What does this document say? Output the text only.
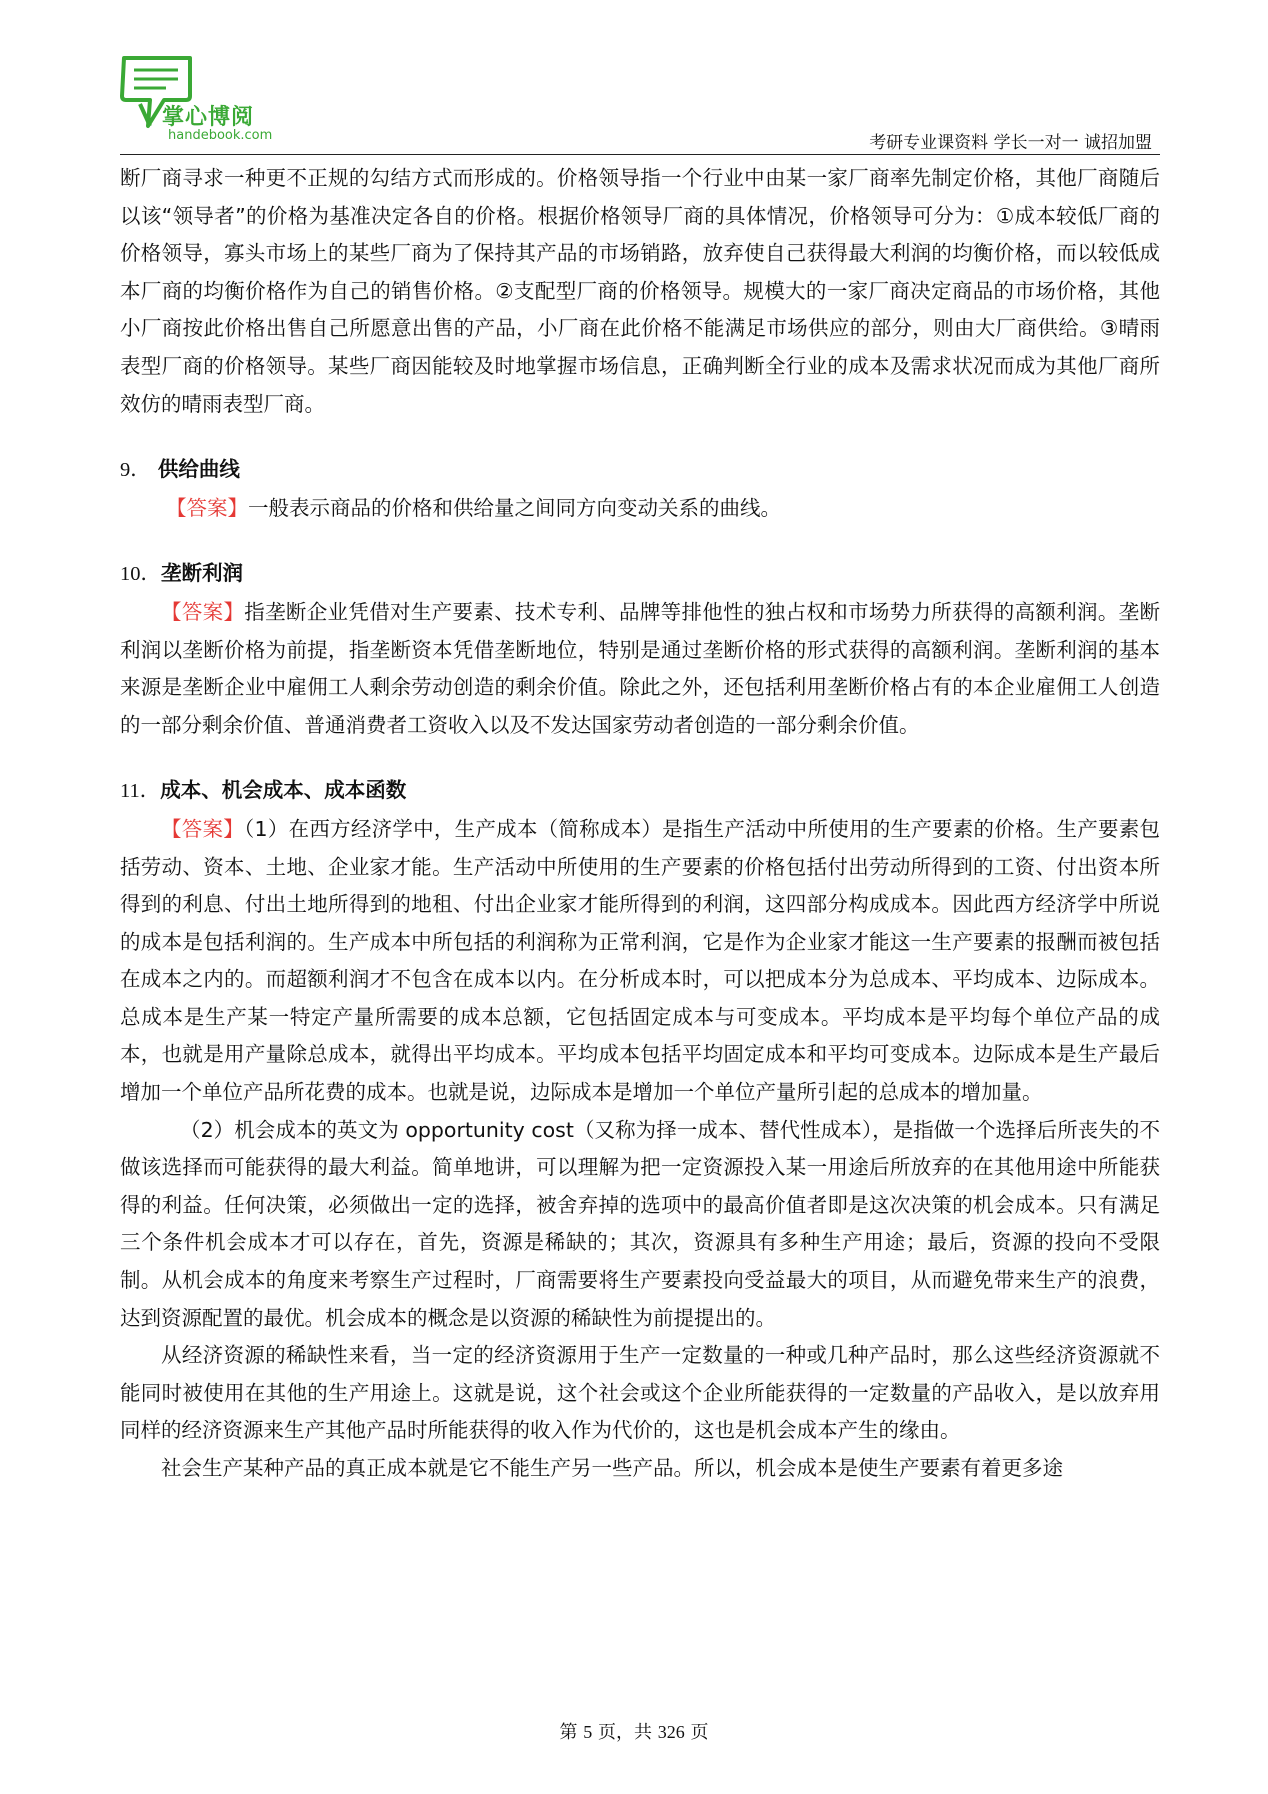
掌心博阅
handebook.com	考研专业课资料 学长一对一 诚招加盟

断厂商寻求一种更不正规的勾结方式而形成的。价格领导指一个行业中由某一家厂商率先制定价格，其他厂商随后以该“领导者”的价格为基准决定各自的价格。根据价格领导厂商的具体情况，价格领导可分为：①成本较低厂商的价格领导，寡头市场上的某些厂商为了保持其产品的市场销路，放弃使自己获得最大利润的均衡价格，而以较低成本厂商的均衡价格作为自己的销售价格。②支配型厂商的价格领导。规模大的一家厂商决定商品的市场价格，其他小厂商按此价格出售自己所愿意出售的产品，小厂商在此价格不能满足市场供应的部分，则由大厂商供给。③晴雨表型厂商的价格领导。某些厂商因能较及时地掌握市场信息，正确判断全行业的成本及需求状况而成为其他厂商所效仿的晴雨表型厂商。

9． 供给曲线

【答案】一般表示商品的价格和供给量之间同方向变动关系的曲线。

10．垄断利润

【答案】指垄断企业凭借对生产要素、技术专利、品牌等排他性的独占权和市场势力所获得的高额利润。垄断利润以垄断价格为前提，指垄断资本凭借垄断地位，特别是通过垄断价格的形式获得的高额利润。垄断利润的基本来源是垄断企业中雇佣工人剩余劳动创造的剩余价值。除此之外，还包括利用垄断价格占有的本企业雇佣工人创造的一部分剩余价值、普通消费者工资收入以及不发达国家劳动者创造的一部分剩余价值。

11．成本、机会成本、成本函数

【答案】（1）在西方经济学中，生产成本（简称成本）是指生产活动中所使用的生产要素的价格。生产要素包括劳动、资本、土地、企业家才能。生产活动中所使用的生产要素的价格包括付出劳动所得到的工资、付出资本所得到的利息、付出土地所得到的地租、付出企业家才能所得到的利润，这四部分构成成本。因此西方经济学中所说的成本是包括利润的。生产成本中所包括的利润称为正常利润，它是作为企业家才能这一生产要素的报酬而被包括在成本之内的。而超额利润才不包含在成本以内。在分析成本时，可以把成本分为总成本、平均成本、边际成本。总成本是生产某一特定产量所需要的成本总额，它包括固定成本与可变成本。平均成本是平均每个单位产品的成本，也就是用产量除总成本，就得出平均成本。平均成本包括平均固定成本和平均可变成本。边际成本是生产最后增加一个单位产品所花费的成本。也就是说，边际成本是增加一个单位产量所引起的总成本的增加量。

（2）机会成本的英文为 opportunity cost（又称为择一成本、替代性成本），是指做一个选择后所丧失的不做该选择而可能获得的最大利益。简单地讲，可以理解为把一定资源投入某一用途后所放弃的在其他用途中所能获得的利益。任何决策，必须做出一定的选择，被舍弃掉的选项中的最高价值者即是这次决策的机会成本。只有满足三个条件机会成本才可以存在，首先，资源是稀缺的；其次，资源具有多种生产用途；最后，资源的投向不受限制。从机会成本的角度来考察生产过程时，厂商需要将生产要素投向受益最大的项目，从而避免带来生产的浪费，达到资源配置的最优。机会成本的概念是以资源的稀缺性为前提提出的。

从经济资源的稀缺性来看，当一定的经济资源用于生产一定数量的一种或几种产品时，那么这些经济资源就不能同时被使用在其他的生产用途上。这就是说，这个社会或这个企业所能获得的一定数量的产品收入，是以放弃用同样的经济资源来生产其他产品时所能获得的收入作为代价的，这也是机会成本产生的缘由。

社会生产某种产品的真正成本就是它不能生产另一些产品。所以，机会成本是使生产要素有着更多途

第 5 页，共 326 页
